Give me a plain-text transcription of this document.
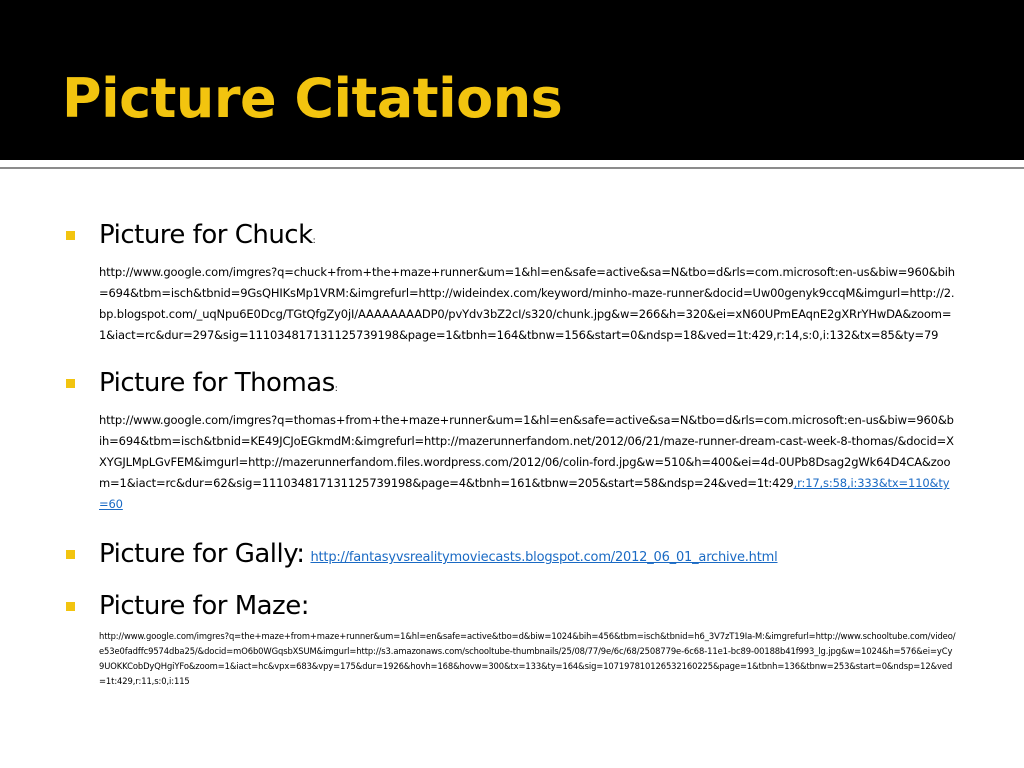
Picture Citations
Picture for Chuck:
http://www.google.com/imgres?q=chuck+from+the+maze+runner&um=1&hl=en&safe=active&sa=N&tbo=d&rls=com.microsoft:en-us&biw=960&bih=694&tbm=isch&tbnid=9GsQHIKsMp1VRM:&imgrefurl=http://wideindex.com/keyword/minho-maze-runner&docid=Uw00genyk9ccqM&imgurl=http://2.bp.blogspot.com/_uqNpu6E0Dcg/TGtQfgZy0jI/AAAAAAAADP0/pvYdv3bZ2cI/s320/chunk.jpg&w=266&h=320&ei=xN60UPmEAqnE2gXRrYHwDA&zoom=1&iact=rc&dur=297&sig=111034817131125739198&page=1&tbnh=164&tbnw=156&start=0&ndsp=18&ved=1t:429,r:14,s:0,i:132&tx=85&ty=79
Picture for Thomas:
http://www.google.com/imgres?q=thomas+from+the+maze+runner&um=1&hl=en&safe=active&sa=N&tbo=d&rls=com.microsoft:en-us&biw=960&bih=694&tbm=isch&tbnid=KE49JCJoEGkmdM:&imgrefurl=http://mazerunnerfandom.net/2012/06/21/maze-runner-dream-cast-week-8-thomas/&docid=XXYGJLMpLGvFEM&imgurl=http://mazerunnerfandom.files.wordpress.com/2012/06/colin-ford.jpg&w=510&h=400&ei=4d-0UPb8Dsag2gWk64D4CA&zoom=1&iact=rc&dur=62&sig=111034817131125739198&page=4&tbnh=161&tbnw=205&start=58&ndsp=24&ved=1t:429,r:17,s:58,i:333&tx=110&ty=60
Picture for Gally: http://fantasyvsrealitymoviecasts.blogspot.com/2012_06_01_archive.html
Picture for Maze:
http://www.google.com/imgres?q=the+maze+from+maze+runner&um=1&hl=en&safe=active&tbo=d&biw=1024&bih=456&tbm=isch&tbnid=h6_3V7zT19Ia-M:&imgrefurl=http://www.schooltube.com/video/e53e0fadffc9574dba25/&docid=mO6b0WGqsbXSUM&imgurl=http://s3.amazonaws.com/schooltube-thumbnails/25/08/77/9e/6c/68/2508779e-6c68-11e1-bc89-00188b41f993_lg.jpg&w=1024&h=576&ei=yCy9UOKKCobDyQHgiYFo&zoom=1&iact=hc&vpx=683&vpy=175&dur=1926&hovh=168&hovw=300&tx=133&ty=164&sig=107197810126532160225&page=1&tbnh=136&tbnw=253&start=0&ndsp=12&ved=1t:429,r:11,s:0,i:115
